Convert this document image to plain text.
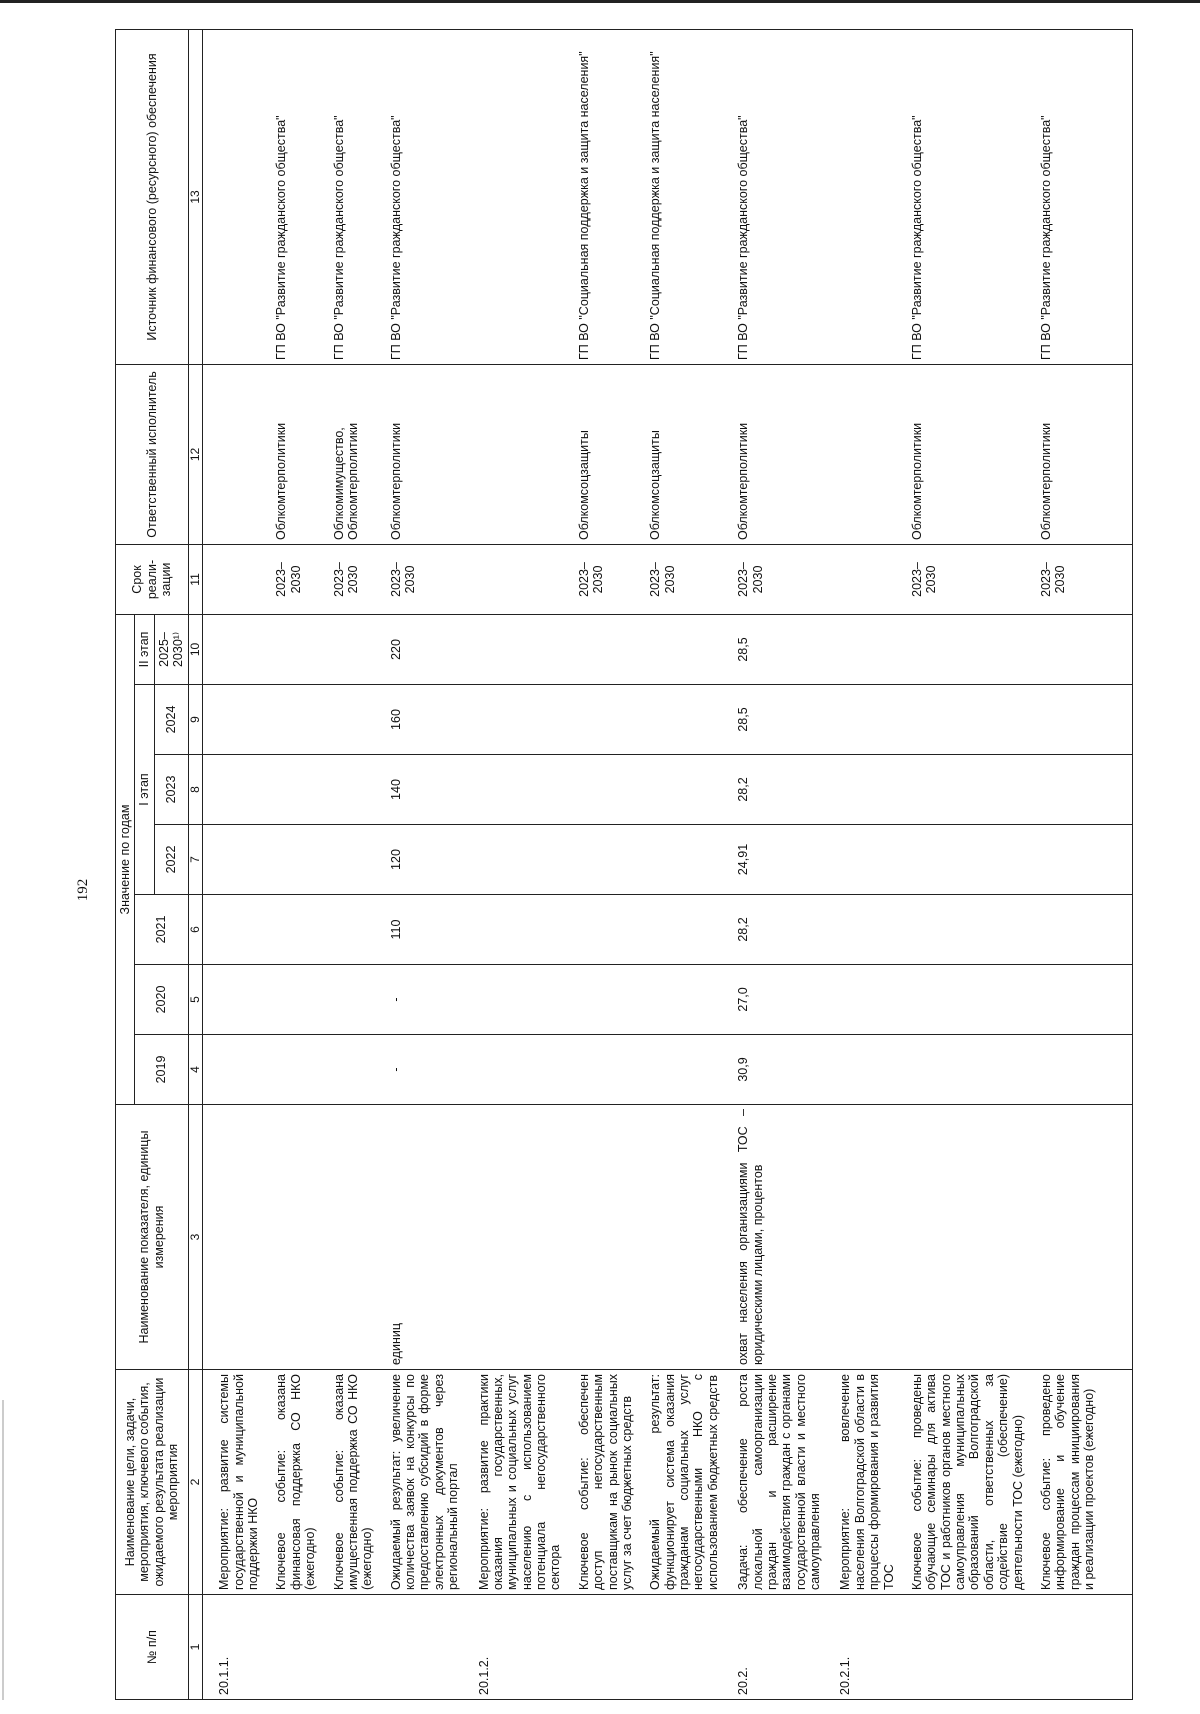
192
№ п/п	Наименование цели, задачи, мероприятия, ключевого события, ожидаемого результата реализации мероприятия	Наименование показателя, единицы измерения	Значение по годам							Срок реали-зации	Ответственный исполнитель	Источник финансового (ресурсного) обеспечения
			2019	2020	2021	I этап			II этап			
						2022	2023	2024	2025–2030¹⁾			
1	2	3	4	5	6	7	8	9	10	11	12	13
20.1.1.	Мероприятие: развитие системы государственной и муниципальной поддержки НКО											
	Ключевое событие: оказана финансовая поддержка СО НКО (ежегодно)									2023–2030	Облкомтерполитики	ГП ВО "Развитие гражданского общества"
	Ключевое событие: оказана имущественная поддержка СО НКО (ежегодно)									2023–2030	Облкомимущество, Облкомтерполитики	ГП ВО "Развитие гражданского общества"
	Ожидаемый результат: увеличение количества заявок на конкурсы по предоставлению субсидий в форме электронных документов через региональный портал	единиц	-	-	110	120	140	160	220	2023–2030	Облкомтерполитики	ГП ВО "Развитие гражданского общества"
20.1.2.	Мероприятие: развитие практики оказания государственных, муниципальных и социальных услуг населению с использованием потенциала негосударственного сектора											
	Ключевое событие: обеспечен доступ негосударственным поставщикам на рынок социальных услуг за счет бюджетных средств									2023–2030	Облкомсоцзащиты	ГП ВО "Социальная поддержка и защита населения"
	Ожидаемый результат: функционирует система оказания гражданам социальных услуг негосударственными НКО с использованием бюджетных средств									2023–2030	Облкомсоцзащиты	ГП ВО "Социальная поддержка и защита населения"
20.2.	Задача: обеспечение роста локальной самоорганизации граждан и расширение взаимодействия граждан с органами государственной власти и местного самоуправления	охват населения организациями ТОС – юридическими лицами, процентов	30,9	27,0	28,2	24,91	28,2	28,5	28,5	2023–2030	Облкомтерполитики	ГП ВО "Развитие гражданского общества"
20.2.1.	Мероприятие: вовлечение населения Волгоградской области в процессы формирования и развития ТОС											
	Ключевое событие: проведены обучающие семинары для актива ТОС и работников органов местного самоуправления муниципальных образований Волгоградской области, ответственных за содействие (обеспечение) деятельности ТОС (ежегодно)									2023–2030	Облкомтерполитики	ГП ВО "Развитие гражданского общества"
	Ключевое событие: проведено информирование и обучение граждан процессам инициирования и реализации проектов (ежегодно)									2023–2030	Облкомтерполитики	ГП ВО "Развитие гражданского общества"
